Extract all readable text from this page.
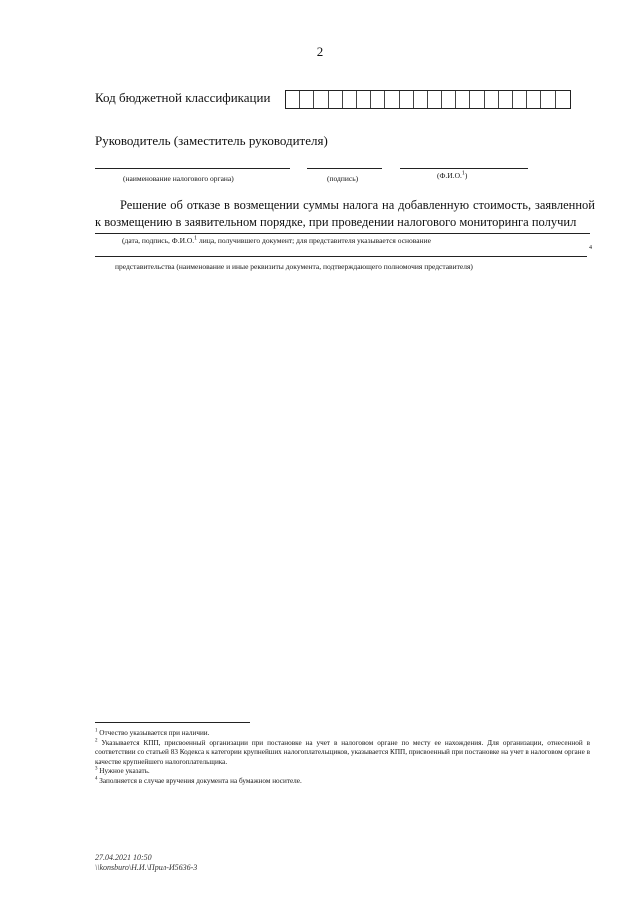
2
Код бюджетной классификации
Руководитель (заместитель руководителя)
(наименование налогового органа)	(подпись)	(Ф.И.О.$^1$)
Решение об отказе в возмещении суммы налога на добавленную стоимость, заявленной к возмещению в заявительном порядке, при проведении налогового мониторинга получил
(дата, подпись, Ф.И.О.$^1$ лица, получившего документ; для представителя указывается основание
4
представительства (наименование и иные реквизиты документа, подтверждающего полномочия представителя)

$^1$ Отчество указывается при наличии.

$^2$ Указывается КПП, присвоенный организации при постановке на учет в налоговом органе по месту ее нахождения. Для организации, отнесенной в соответствии со статьей 83 Кодекса к категории крупнейших налогоплательщиков, указывается КПП, присвоенный при постановке на учет в налоговом органе в качестве крупнейшего налогоплательщика.

$^3$ Нужное указать.

$^4$ Заполняется в случае вручения документа на бумажном носителе.

27.04.2021 10:50
\\konsburo\Н.И.\Прил-И5636-3
